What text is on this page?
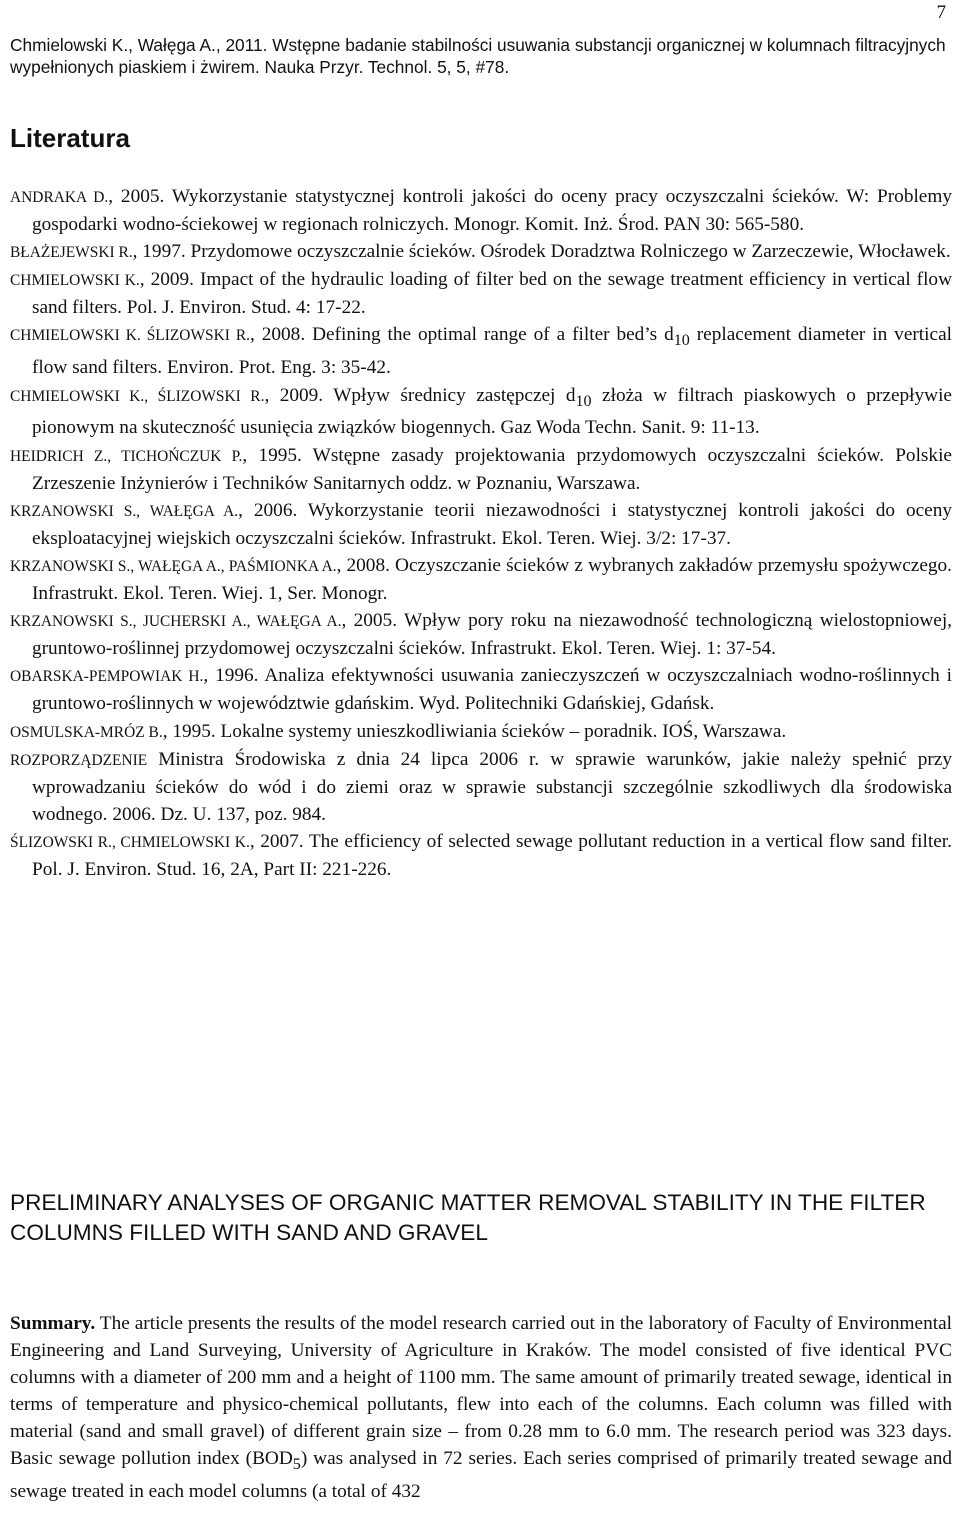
7
Chmielowski K., Wałęga A., 2011. Wstępne badanie stabilności usuwania substancji organicznej w kolumnach filtracyjnych wypełnionych piaskiem i żwirem. Nauka Przyr. Technol. 5, 5, #78.
Literatura
ANDRAKA D., 2005. Wykorzystanie statystycznej kontroli jakości do oceny pracy oczyszczalni ścieków. W: Problemy gospodarki wodno-ściekowej w regionach rolniczych. Monogr. Komit. Inż. Środ. PAN 30: 565-580.
BŁAŻEJEWSKI R., 1997. Przydomowe oczyszczalnie ścieków. Ośrodek Doradztwa Rolniczego w Zarzeczewie, Włocławek.
CHMIELOWSKI K., 2009. Impact of the hydraulic loading of filter bed on the sewage treatment efficiency in vertical flow sand filters. Pol. J. Environ. Stud. 4: 17-22.
CHMIELOWSKI K. ŚLIZOWSKI R., 2008. Defining the optimal range of a filter bed’s $d_{10}$ replacement diameter in vertical flow sand filters. Environ. Prot. Eng. 3: 35-42.
CHMIELOWSKI K., ŚLIZOWSKI R., 2009. Wpływ średnicy zastępczej $d_{10}$ złoża w filtrach piaskowych o przepływie pionowym na skuteczność usunięcia związków biogennych. Gaz Woda Techn. Sanit. 9: 11-13.
HEIDRICH Z., TICHOŃCZUK P., 1995. Wstępne zasady projektowania przydomowych oczyszczalni ścieków. Polskie Zrzeszenie Inżynierów i Techników Sanitarnych oddz. w Poznaniu, Warszawa.
KRZANOWSKI S., WAŁĘGA A., 2006. Wykorzystanie teorii niezawodności i statystycznej kontroli jakości do oceny eksploatacyjnej wiejskich oczyszczalni ścieków. Infrastrukt. Ekol. Teren. Wiej. 3/2: 17-37.
KRZANOWSKI S., WAŁĘGA A., PAŚMIONKA A., 2008. Oczyszczanie ścieków z wybranych zakładów przemysłu spożywczego. Infrastrukt. Ekol. Teren. Wiej. 1, Ser. Monogr.
KRZANOWSKI S., JUCHERSKI A., WAŁĘGA A., 2005. Wpływ pory roku na niezawodność technologiczną wielostopniowej, gruntowo-roślinnej przydomowej oczyszczalni ścieków. Infrastrukt. Ekol. Teren. Wiej. 1: 37-54.
OBARSKA-PEMPOWIAK H., 1996. Analiza efektywności usuwania zanieczyszczeń w oczyszczalniach wodno-roślinnych i gruntowo-roślinnych w województwie gdańskim. Wyd. Politechniki Gdańskiej, Gdańsk.
OSMULSKA-MRÓZ B., 1995. Lokalne systemy unieszkodliwiania ścieków – poradnik. IOŚ, Warszawa.
ROZPORZĄDZENIE Ministra Środowiska z dnia 24 lipca 2006 r. w sprawie warunków, jakie należy spełnić przy wprowadzaniu ścieków do wód i do ziemi oraz w sprawie substancji szczególnie szkodliwych dla środowiska wodnego. 2006. Dz. U. 137, poz. 984.
ŚLIZOWSKI R., CHMIELOWSKI K., 2007. The efficiency of selected sewage pollutant reduction in a vertical flow sand filter. Pol. J. Environ. Stud. 16, 2A, Part II: 221-226.
PRELIMINARY ANALYSES OF ORGANIC MATTER REMOVAL STABILITY IN THE FILTER COLUMNS FILLED WITH SAND AND GRAVEL

Summary. The article presents the results of the model research carried out in the laboratory of Faculty of Environmental Engineering and Land Surveying, University of Agriculture in Kraków. The model consisted of five identical PVC columns with a diameter of 200 mm and a height of 1100 mm. The same amount of primarily treated sewage, identical in terms of temperature and physico-chemical pollutants, flew into each of the columns. Each column was filled with material (sand and small gravel) of different grain size – from 0.28 mm to 6.0 mm. The research period was 323 days. Basic sewage pollution index $(BOD_5)$ was analysed in 72 series. Each series comprised of primarily treated sewage and sewage treated in each model columns (a total of 432
